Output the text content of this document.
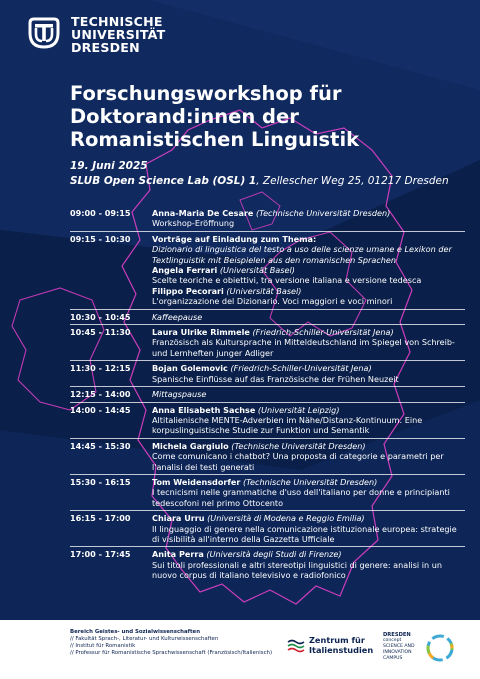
TECHNISCHE
UNIVERSITÄT
DRESDEN
Forschungsworkshop für
Doktorand:innen der
Romanistischen Linguistik
19. Juni 2025
SLUB Open Science Lab (OSL) 1, Zellescher Weg 25, 01217 Dresden
09:00 - 09:15	Anna-Maria De Cesare (Technische Universität Dresden)
Workshop-Eröffnung
09:15 - 10:30	Vorträge auf Einladung zum Thema:
Dizionario di linguistica del testo a uso delle scienze umane e Lexikon der Textlinguistik mit Beispielen aus den romanischen Sprachen
Angela Ferrari (Universität Basel)
Scelte teoriche e obiettivi, tra versione italiana e versione tedesca
Filippo Pecorari (Universität Basel)
L'organizzazione del Dizionario. Voci maggiori e voci minori
10:30 - 10:45	Kaffeepause
10:45 - 11:30	Laura Ulrike Rimmele (Friedrich-Schiller-Universität Jena)
Französisch als Kultursprache in Mitteldeutschland im Spiegel von Schreib- und Lernheften junger Adliger
11:30 - 12:15	Bojan Golemovic (Friedrich-Schiller-Universität Jena)
Spanische Einflüsse auf das Französische der Frühen Neuzeit
12:15 - 14:00	Mittagspause
14:00 - 14:45	Anna Elisabeth Sachse (Universität Leipzig)
Altitalienische MENTE-Adverbien im Nähe/Distanz-Kontinuum. Eine korpuslinguistische Studie zur Funktion und Semantik
14:45 - 15:30	Michela Gargiulo (Technische Universität Dresden)
Come comunicano i chatbot? Una proposta di categorie e parametri per l'analisi dei testi generati
15:30 - 16:15	Tom Weidensdorfer (Technische Universität Dresden)
I tecnicismi nelle grammatiche d'uso dell'italiano per donne e principianti tedescofoni nel primo Ottocento
16:15 - 17:00	Chiara Urru (Università di Modena e Reggio Emilia)
Il linguaggio di genere nella comunicazione istituzionale europea: strategie di visibilità all'interno della Gazzetta Ufficiale
17:00 - 17:45	Anita Perra (Università degli Studi di Firenze)
Sui titoli professionali e altri stereotipi linguistici di genere: analisi in un nuovo corpus di italiano televisivo e radiofonico
Bereich Geistes- und Sozialwissenschaften
// Fakultät Sprach-, Literatur- und Kulturwissenschaften
// Institut für Romanistik
// Professur für Romanistische Sprachwissenschaft (Französisch/Italienisch)
Zentrum für
Italienstudien
DRESDEN
concept
SCIENCE AND
INNOVATION CAMPUS
